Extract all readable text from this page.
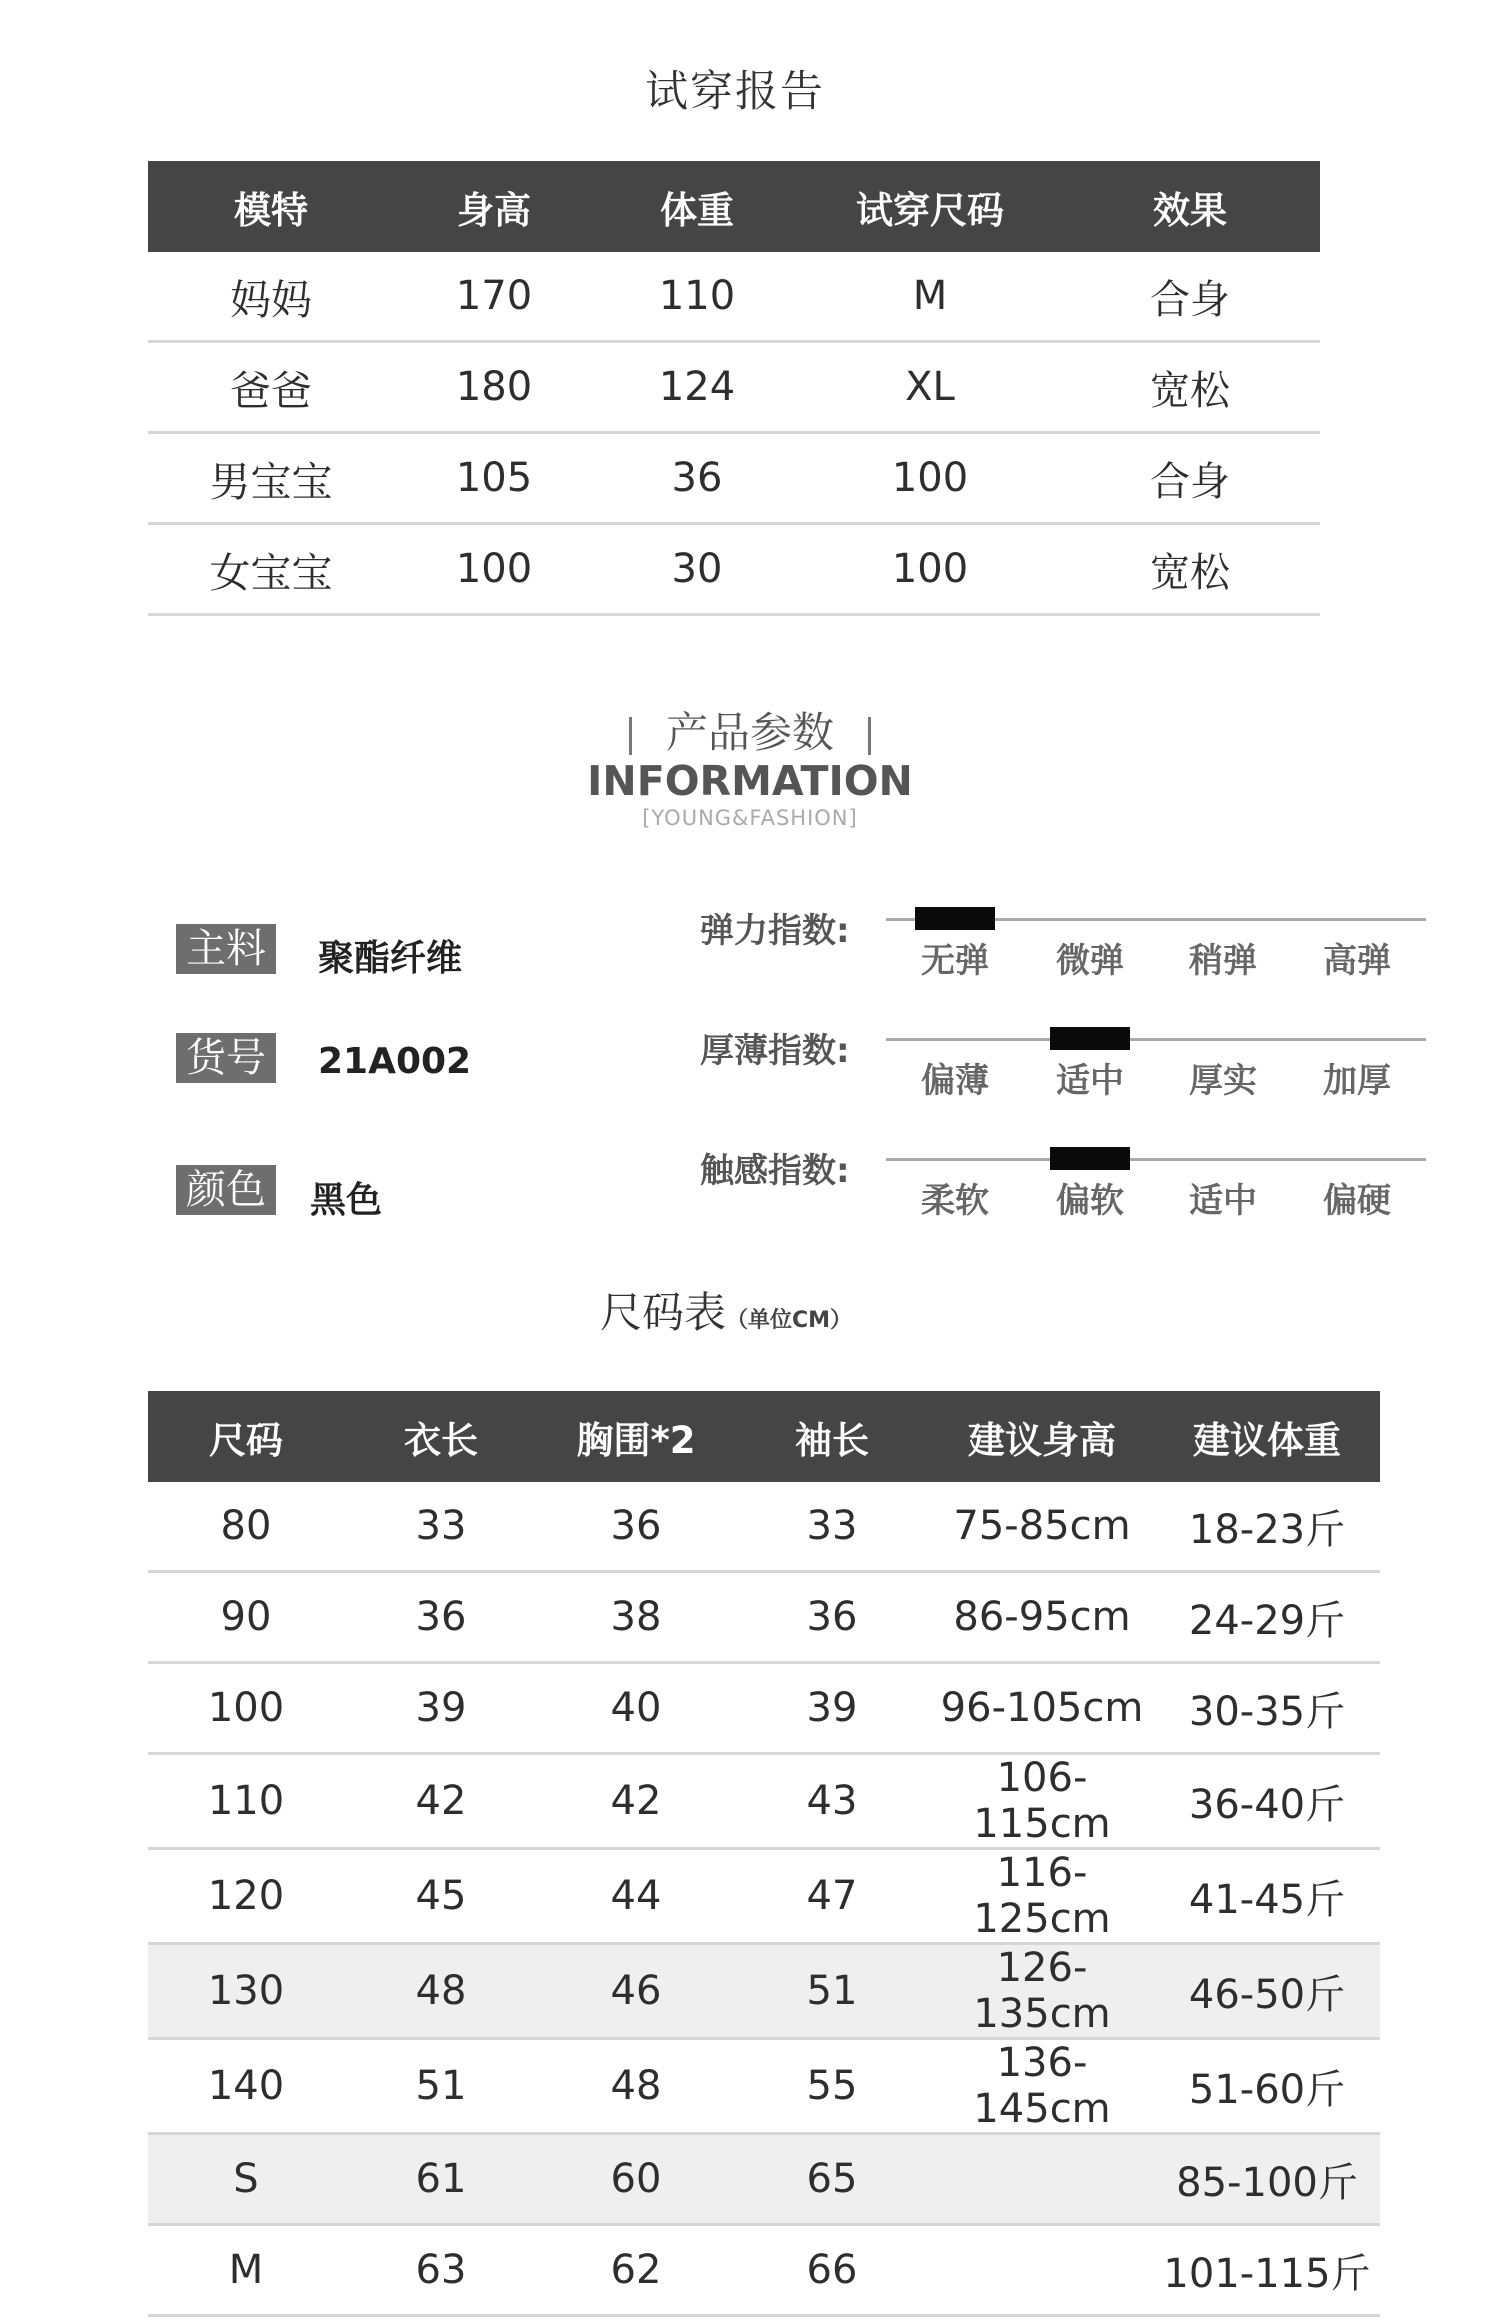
试穿报告
模特	身高	体重	试穿尺码	效果
妈妈	170	110	M	合身
爸爸	180	124	XL	宽松
男宝宝	105	36	100	合身
女宝宝	100	30	100	宽松
产品参数
INFORMATION
[YOUNG&FASHION]
主料 聚酯纤维
货号 21A002
颜色 黑色
弹力指数:
无弹	微弹	稍弹	高弹
厚薄指数:
偏薄	适中	厚实	加厚
触感指数:
柔软	偏软	适中	偏硬
尺码表（单位CM）
尺码	衣长	胸围*2	袖长	建议身高	建议体重
80	33	36	33	75-85cm	18-23斤
90	36	38	36	86-95cm	24-29斤
100	39	40	39	96-105cm	30-35斤
110	42	42	43	106-115cm	36-40斤
120	45	44	47	116-125cm	41-45斤
130	48	46	51	126-135cm	46-50斤
140	51	48	55	136-145cm	51-60斤
S	61	60	65		85-100斤
M	63	62	66		101-115斤
